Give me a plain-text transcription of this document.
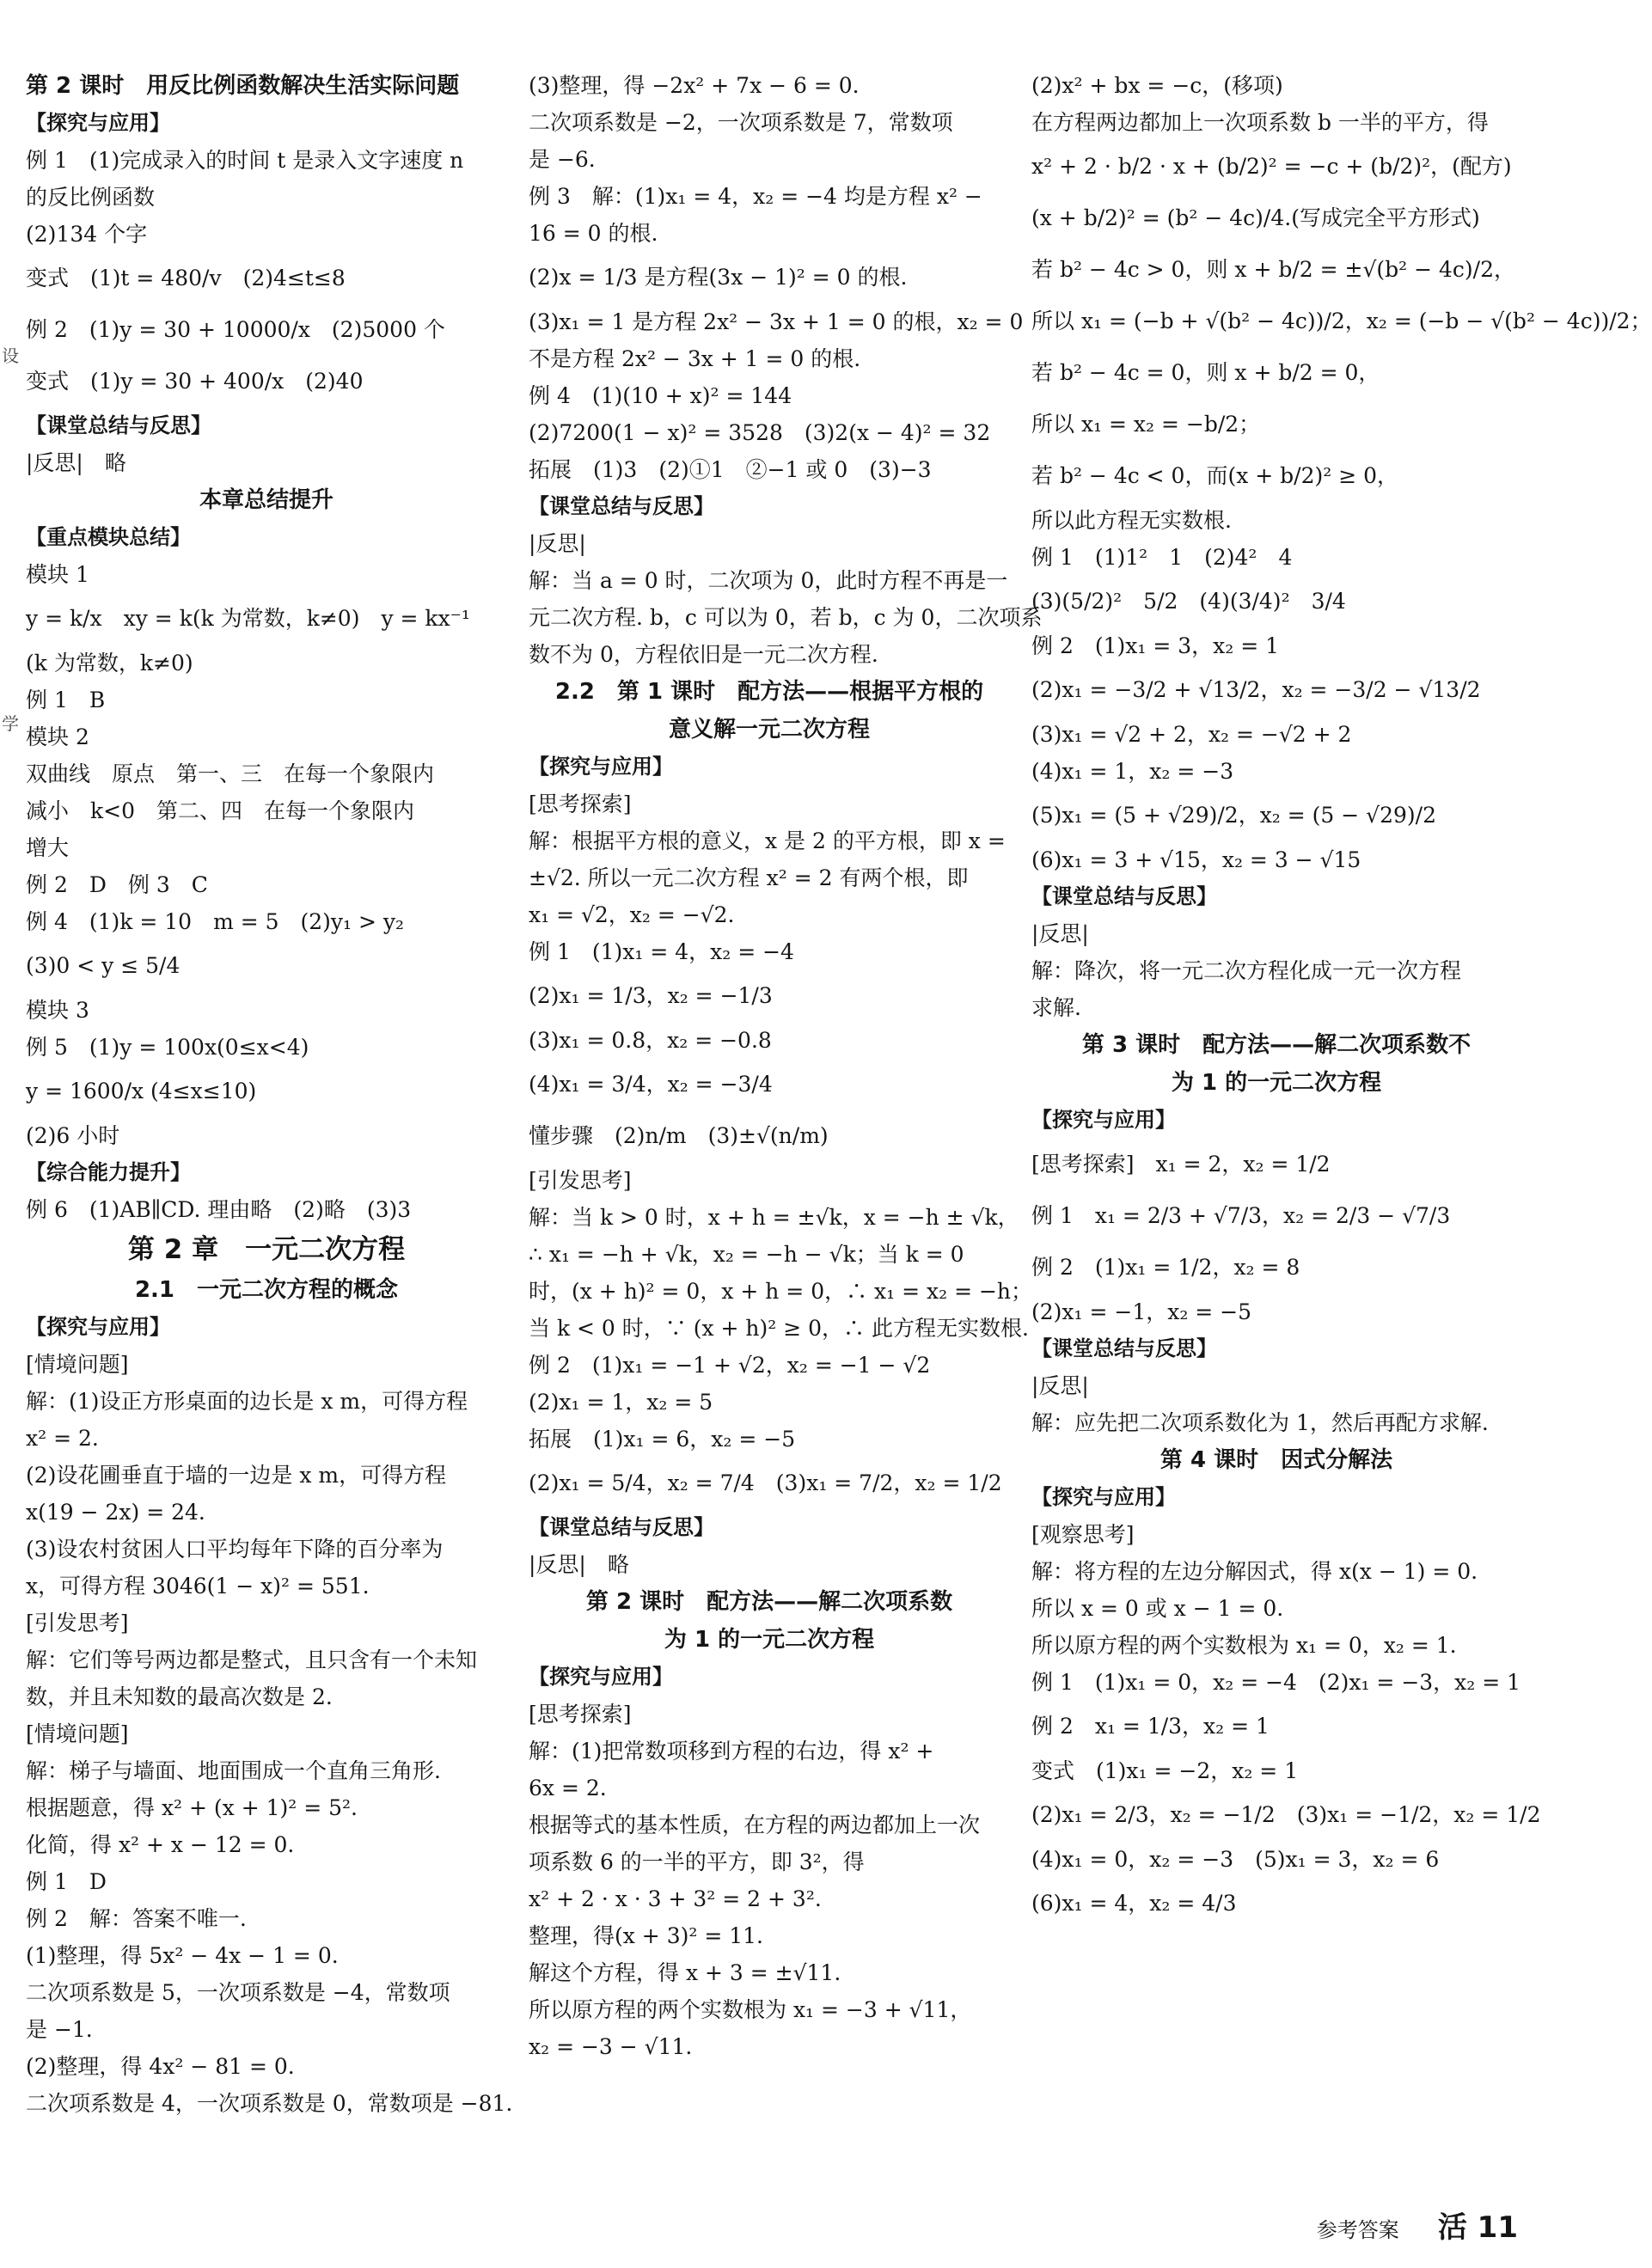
第 2 课时　用反比例函数解决生活实际问题
【探究与应用】
例 1　(1)完成录入的时间 t 是录入文字速度 n
的反比例函数
(2)134 个字
变式　(1)t = 480/v　(2)4≤t≤8
例 2　(1)y = 30 + 10000/x　(2)5000 个
变式　(1)y = 30 + 400/x　(2)40
【课堂总结与反思】
|反思|　略
本章总结提升
【重点模块总结】
模块 1
y = k/x　xy = k(k 为常数，k≠0)　y = kx⁻¹
(k 为常数，k≠0)
例 1　B
模块 2
双曲线　原点　第一、三　在每一个象限内
减小　k<0　第二、四　在每一个象限内
增大
例 2　D　例 3　C
例 4　(1)k = 10　m = 5　(2)y₁ > y₂
(3)0 < y ≤ 5/4
模块 3
例 5　(1)y = 100x(0≤x<4)
y = 1600/x (4≤x≤10)
(2)6 小时
【综合能力提升】
例 6　(1)AB∥CD. 理由略　(2)略　(3)3
第 2 章　一元二次方程
2.1　一元二次方程的概念
【探究与应用】
[情境问题]
解：(1)设正方形桌面的边长是 x m，可得方程
x² = 2.
(2)设花圃垂直于墙的一边是 x m，可得方程
x(19 − 2x) = 24.
(3)设农村贫困人口平均每年下降的百分率为
x，可得方程 3046(1 − x)² = 551.
[引发思考]
解：它们等号两边都是整式，且只含有一个未知
数，并且未知数的最高次数是 2.
[情境问题]
解：梯子与墙面、地面围成一个直角三角形.
根据题意，得 x² + (x + 1)² = 5².
化简，得 x² + x − 12 = 0.
例 1　D
例 2　解：答案不唯一.
(1)整理，得 5x² − 4x − 1 = 0.
二次项系数是 5，一次项系数是 −4，常数项
是 −1.
(2)整理，得 4x² − 81 = 0.
二次项系数是 4，一次项系数是 0，常数项是 −81.
(3)整理，得 −2x² + 7x − 6 = 0.
二次项系数是 −2，一次项系数是 7，常数项
是 −6.
例 3　解：(1)x₁ = 4，x₂ = −4 均是方程 x² −
16 = 0 的根.
(2)x = 1/3 是方程(3x − 1)² = 0 的根.
(3)x₁ = 1 是方程 2x² − 3x + 1 = 0 的根，x₂ = 0
不是方程 2x² − 3x + 1 = 0 的根.
例 4　(1)(10 + x)² = 144
(2)7200(1 − x)² = 3528　(3)2(x − 4)² = 32
拓展　(1)3　(2)①1　②−1 或 0　(3)−3
【课堂总结与反思】
|反思|
解：当 a = 0 时，二次项为 0，此时方程不再是一
元二次方程. b，c 可以为 0，若 b，c 为 0，二次项系
数不为 0，方程依旧是一元二次方程.
2.2　第 1 课时　配方法——根据平方根的
意义解一元二次方程
【探究与应用】
[思考探索]
解：根据平方根的意义，x 是 2 的平方根，即 x =
±√2. 所以一元二次方程 x² = 2 有两个根，即
x₁ = √2，x₂ = −√2.
例 1　(1)x₁ = 4，x₂ = −4
(2)x₁ = 1/3，x₂ = −1/3
(3)x₁ = 0.8，x₂ = −0.8
(4)x₁ = 3/4，x₂ = −3/4
懂步骤　(2)n/m　(3)±√(n/m)
[引发思考]
解：当 k > 0 时，x + h = ±√k，x = −h ± √k，
∴ x₁ = −h + √k，x₂ = −h − √k；当 k = 0
时，(x + h)² = 0，x + h = 0，∴ x₁ = x₂ = −h；
当 k < 0 时，∵ (x + h)² ≥ 0，∴ 此方程无实数根.
例 2　(1)x₁ = −1 + √2，x₂ = −1 − √2
(2)x₁ = 1，x₂ = 5
拓展　(1)x₁ = 6，x₂ = −5
(2)x₁ = 5/4，x₂ = 7/4　(3)x₁ = 7/2，x₂ = 1/2
【课堂总结与反思】
|反思|　略
第 2 课时　配方法——解二次项系数
为 1 的一元二次方程
【探究与应用】
[思考探索]
解：(1)把常数项移到方程的右边，得 x² +
6x = 2.
根据等式的基本性质，在方程的两边都加上一次
项系数 6 的一半的平方，即 3²，得
x² + 2 · x · 3 + 3² = 2 + 3².
整理，得(x + 3)² = 11.
解这个方程，得 x + 3 = ±√11.
所以原方程的两个实数根为 x₁ = −3 + √11，
x₂ = −3 − √11.
(2)x² + bx = −c，(移项)
在方程两边都加上一次项系数 b 一半的平方，得
x² + 2 · b/2 · x + (b/2)² = −c + (b/2)²，(配方)
(x + b/2)² = (b² − 4c)/4.(写成完全平方形式)
若 b² − 4c > 0，则 x + b/2 = ±√(b² − 4c)/2，
所以 x₁ = (−b + √(b² − 4c))/2，x₂ = (−b − √(b² − 4c))/2；
若 b² − 4c = 0，则 x + b/2 = 0，
所以 x₁ = x₂ = −b/2；
若 b² − 4c < 0，而(x + b/2)² ≥ 0，
所以此方程无实数根.
例 1　(1)1²　1　(2)4²　4
(3)(5/2)²　5/2　(4)(3/4)²　3/4
例 2　(1)x₁ = 3，x₂ = 1
(2)x₁ = −3/2 + √13/2，x₂ = −3/2 − √13/2
(3)x₁ = √2 + 2，x₂ = −√2 + 2
(4)x₁ = 1，x₂ = −3
(5)x₁ = (5 + √29)/2，x₂ = (5 − √29)/2
(6)x₁ = 3 + √15，x₂ = 3 − √15
【课堂总结与反思】
|反思|
解：降次，将一元二次方程化成一元一次方程
求解.
第 3 课时　配方法——解二次项系数不
为 1 的一元二次方程
【探究与应用】
[思考探索]　x₁ = 2，x₂ = 1/2
例 1　x₁ = 2/3 + √7/3，x₂ = 2/3 − √7/3
例 2　(1)x₁ = 1/2，x₂ = 8
(2)x₁ = −1，x₂ = −5
【课堂总结与反思】
|反思|
解：应先把二次项系数化为 1，然后再配方求解.
第 4 课时　因式分解法
【探究与应用】
[观察思考]
解：将方程的左边分解因式，得 x(x − 1) = 0.
所以 x = 0 或 x − 1 = 0.
所以原方程的两个实数根为 x₁ = 0，x₂ = 1.
例 1　(1)x₁ = 0，x₂ = −4　(2)x₁ = −3，x₂ = 1
例 2　x₁ = 1/3，x₂ = 1
变式　(1)x₁ = −2，x₂ = 1
(2)x₁ = 2/3，x₂ = −1/2　(3)x₁ = −1/2，x₂ = 1/2
(4)x₁ = 0，x₂ = −3　(5)x₁ = 3，x₂ = 6
(6)x₁ = 4，x₂ = 4/3
设
学
参考答案 活 11
